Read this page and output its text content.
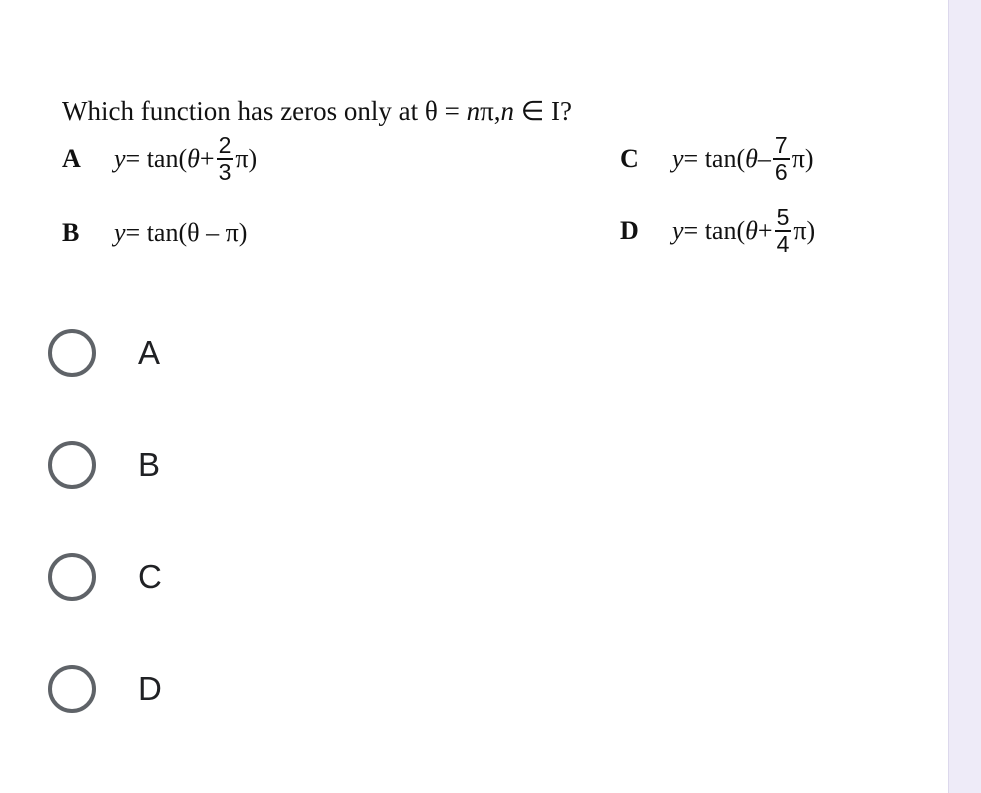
Which function has zeros only at θ = nπ,n ∈ I?
A	y = tan( $\theta + \frac{2}{3} \pi$)
B	y = tan(θ – π)
C	y = tan( θ – $\frac{7}{6} \pi$)
D	y = tan( $\theta + \frac{5}{4} \pi$)
A
B
C
D
